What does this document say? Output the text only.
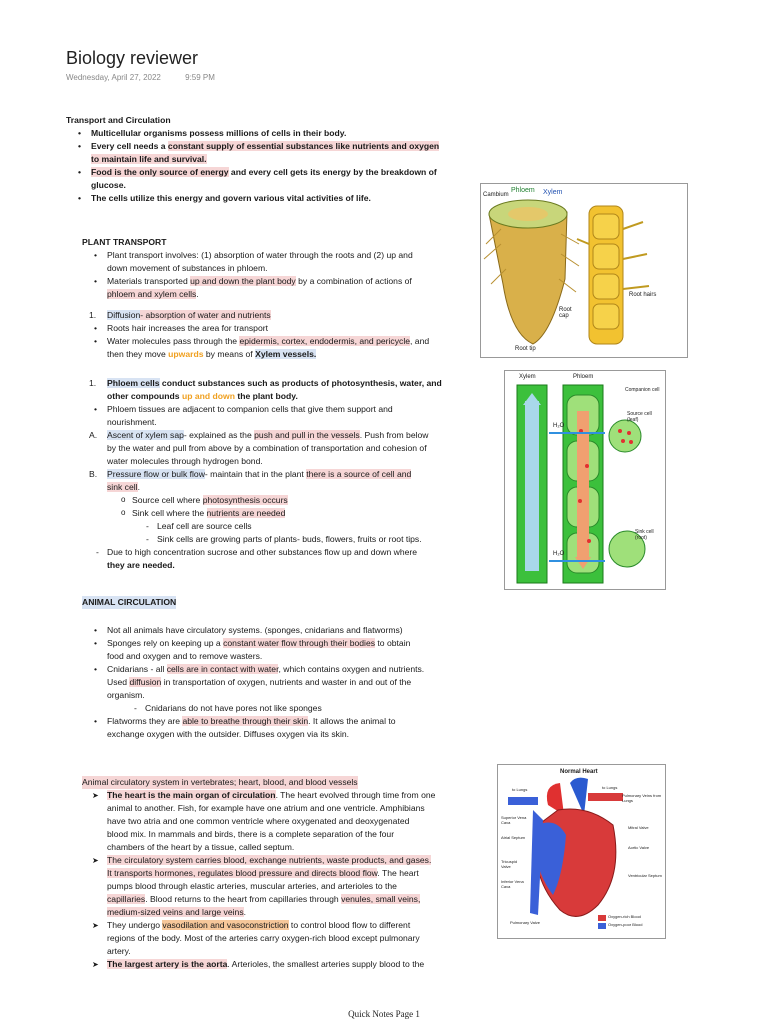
Biology reviewer
Wednesday, April 27, 2022	9:59 PM
Transport and Circulation
• Multicellular organisms possess millions of cells in their body.
• Every cell needs a constant supply of essential substances like nutrients and oxygen
to maintain life and survival.
• Food is the only source of energy and every cell gets its energy by the breakdown of
glucose.
• The cells utilize this energy and govern various vital activities of life.
PLANT TRANSPORT
• Plant transport involves: (1) absorption of water through the roots and (2) up and
down movement of substances in phloem.
• Materials transported up and down the plant body by a combination of actions of
phloem and xylem cells.
1. Diffusion- absorption of water and nutrients
• Roots hair increases the area for transport
• Water molecules pass through the epidermis, cortex, endodermis, and pericycle, and
then they move upwards by means of Xylem vessels.
1. Phloem cells conduct substances such as products of photosynthesis, water, and
other compounds up and down the plant body.
• Phloem tissues are adjacent to companion cells that give them support and
nourishment.
A. Ascent of xylem sap- explained as the push and pull in the vessels. Push from below
by the water and pull from above by a combination of transportation and cohesion of
water molecules through hydrogen bond.
B. Pressure flow or bulk flow- maintain that in the plant there is a source of cell and
sink cell.
o Source cell where photosynthesis occurs
o Sink cell where the nutrients are needed
- Leaf cell are source cells
- Sink cells are growing parts of plants- buds, flowers, fruits or root tips.
- Due to high concentration sucrose and other substances flow up and down where
they are needed.
ANIMAL CIRCULATION
• Not all animals have circulatory systems. (sponges, cnidarians and flatworms)
• Sponges rely on keeping up a constant water flow through their bodies to obtain
food and oxygen and to remove wasters.
• Cnidarians - all cells are in contact with water, which contains oxygen and nutrients.
Used diffusion in transportation of oxygen, nutrients and waster in and out of the
organism.
- Cnidarians do not have pores not like sponges
• Flatworms they are able to breathe through their skin. It allows the animal to
exchange oxygen with the outsider. Diffuses oxygen via its skin.
Animal circulatory system in vertebrates; heart, blood, and blood vessels
➤ The heart is the main organ of circulation. The heart evolved through time from one
animal to another. Fish, for example have one atrium and one ventricle. Amphibians
have two atria and one common ventricle where oxygenated and deoxygenated
blood mix. In mammals and birds, there is a complete separation of the four
chambers of the heart by a tissue, called septum.
➤ The circulatory system carries blood, exchange nutrients, waste products, and gases.
It transports hormones, regulates blood pressure and directs blood flow. The heart
pumps blood through elastic arteries, muscular arteries, and arterioles to the
capillaries. Blood returns to the heart from capillaries through venules, small veins,
medium-sized veins and large veins.
➤ They undergo vasodilation and vasoconstriction to control blood flow to different
regions of the body. Most of the arteries carry oxygen-rich blood except pulmonary
artery.
➤ The largest artery is the aorta. Arterioles, the smallest arteries supply blood to the
Phloem Xylem
Cambium
Root hairs
Root cap
Root tip
Xylem	Phloem
Companion cell
Source cell (leaf)
Sink cell (root)
H₂O
H₂O
Normal Heart
to Lungs	to Lungs
Pulmonary Veins from Lungs
Superior Vena Cava
Atrial Septum
Tricuspid Valve
Inferior Vena Cava
Pulmonary Valve
Mitral Valve
Aortic Valve
Ventricular Septum
Oxygen-rich Blood
Oxygen-poor Blood
Quick Notes Page 1
